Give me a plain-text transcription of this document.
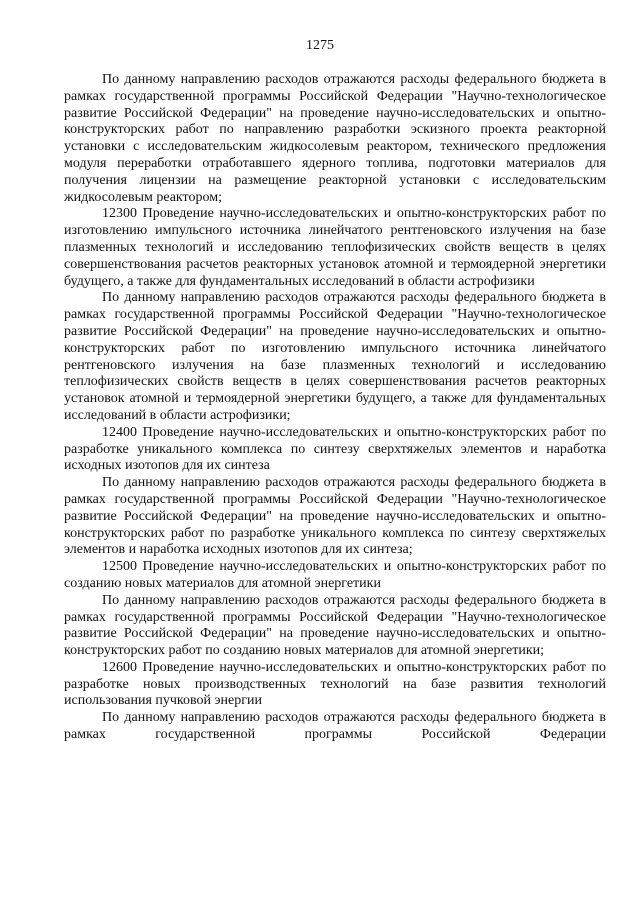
1275

По данному направлению расходов отражаются расходы федерального бюджета в рамках государственной программы Российской Федерации "Научно-технологическое развитие Российской Федерации" на проведение научно-исследовательских и опытно-конструкторских работ по направлению разработки эскизного проекта реакторной установки с исследовательским жидкосолевым реактором, технического предложения модуля переработки отработавшего ядерного топлива, подготовки материалов для получения лицензии на размещение реакторной установки с исследовательским жидкосолевым реактором;

12300 Проведение научно-исследовательских и опытно-конструкторских работ по изготовлению импульсного источника линейчатого рентгеновского излучения на базе плазменных технологий и исследованию теплофизических свойств веществ в целях совершенствования расчетов реакторных установок атомной и термоядерной энергетики будущего, а также для фундаментальных исследований в области астрофизики

По данному направлению расходов отражаются расходы федерального бюджета в рамках государственной программы Российской Федерации "Научно-технологическое развитие Российской Федерации" на проведение научно-исследовательских и опытно-конструкторских работ по изготовлению импульсного источника линейчатого рентгеновского излучения на базе плазменных технологий и исследованию теплофизических свойств веществ в целях совершенствования расчетов реакторных установок атомной и термоядерной энергетики будущего, а также для фундаментальных исследований в области астрофизики;

12400 Проведение научно-исследовательских и опытно-конструкторских работ по разработке уникального комплекса по синтезу сверхтяжелых элементов и наработка исходных изотопов для их синтеза

По данному направлению расходов отражаются расходы федерального бюджета в рамках государственной программы Российской Федерации "Научно-технологическое развитие Российской Федерации" на проведение научно-исследовательских и опытно-конструкторских работ по разработке уникального комплекса по синтезу сверхтяжелых элементов и наработка исходных изотопов для их синтеза;

12500 Проведение научно-исследовательских и опытно-конструкторских работ по созданию новых материалов для атомной энергетики

По данному направлению расходов отражаются расходы федерального бюджета в рамках государственной программы Российской Федерации "Научно-технологическое развитие Российской Федерации" на проведение научно-исследовательских и опытно-конструкторских работ по созданию новых материалов для атомной энергетики;

12600 Проведение научно-исследовательских и опытно-конструкторских работ по разработке новых производственных технологий на базе развития технологий использования пучковой энергии

По данному направлению расходов отражаются расходы федерального бюджета в рамках государственной программы Российской Федерации
